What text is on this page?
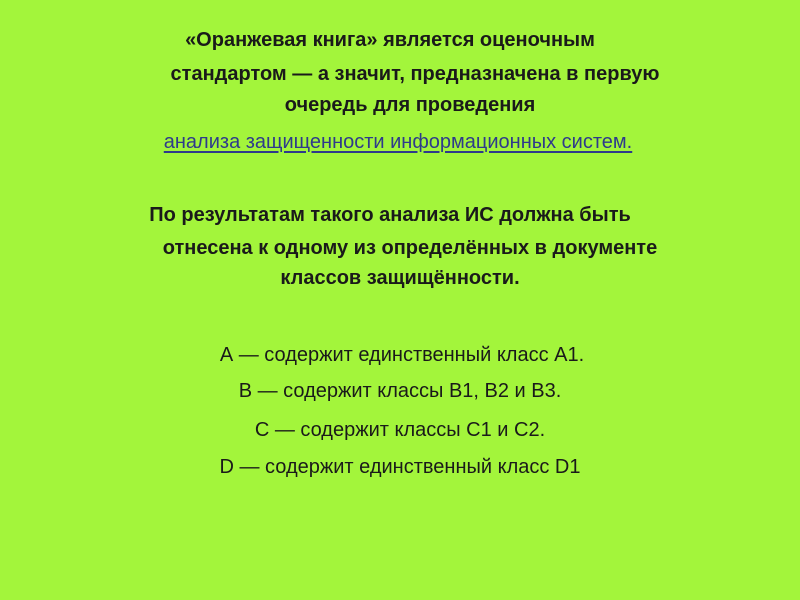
«Оранжевая книга» является оценочным
стандартом — а значит, предназначена в первую
очередь для проведения
анализа защищенности информационных систем.
По результатам такого анализа ИС должна быть
отнесена к одному из определённых в документе
классов защищённости.
А — содержит единственный класс А1.
В — содержит классы В1, В2 и В3.
С — содержит классы С1 и С2.
D — содержит единственный класс D1
